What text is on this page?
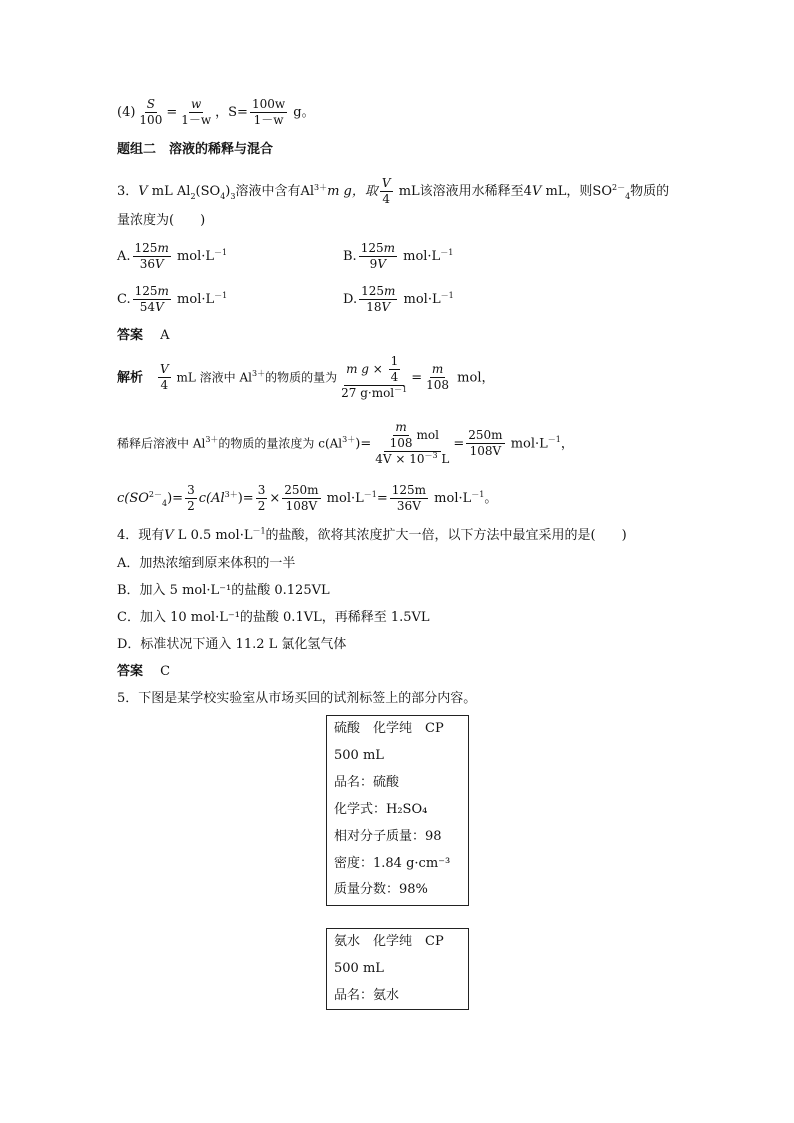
$(4) \frac{S}{100} = \frac{w}{1-w}$ ，$S= \frac{100w}{1-w}$ g。
题组二　溶液的稀释与混合
3．V mL $Al_2(SO_4)_3$溶液中含有$Al^{3+}m$ g，取 $\frac{V}{4}$ mL该溶液用水稀释至4V mL，则$SO^{2-}_4$物质的
量浓度为(　　)
A. $\frac{125m}{36V} mol\cdot L^{-1}$	B. $\frac{125m}{9V} mol\cdot L^{-1}$
C. $\frac{125m}{54V} mol\cdot L^{-1}$	D. $\frac{125m}{18V} mol\cdot L^{-1}$
答案　 A
解析　 $\frac{V}{4}$ mL 溶液中 $Al^{3+}$的物质的量为 $\frac{m g \times \frac{1}{4}}{27 g\cdot mol^{-1}} = \frac{m}{108}$ mol，
稀释后溶液中 $Al^{3+}$的物质的量浓度为 $c(Al^{3+})= \frac{\frac{m}{108} mol}{4V \times 10^{-3} L} = \frac{250m}{108V} mol\cdot L^{-1}$，
$c(SO^{2-}_4)= \frac{3}{2} c(Al^{3+})= \frac{3}{2} \times \frac{250m}{108V} mol\cdot L^{-1}= \frac{125m}{36V} mol\cdot L^{-1}$。
4．现有V L 0.5 $mol\cdot L^{-1}$的盐酸，欲将其浓度扩大一倍，以下方法中最宜采用的是(　　)
A．加热浓缩到原来体积的一半
B．加入 5 mol·L⁻¹的盐酸 0.125VL
C．加入 10 mol·L⁻¹的盐酸 0.1VL，再稀释至 1.5VL
D．标准状况下通入 11.2 L 氯化氢气体
答案　 C
5．下图是某学校实验室从市场买回的试剂标签上的部分内容。
硫酸　化学纯　CP
500 mL
品名：硫酸
化学式：H₂SO₄
相对分子质量：98
密度：1.84 g·cm⁻³
质量分数：98%
氨水　化学纯　CP
500 mL
品名：氨水
